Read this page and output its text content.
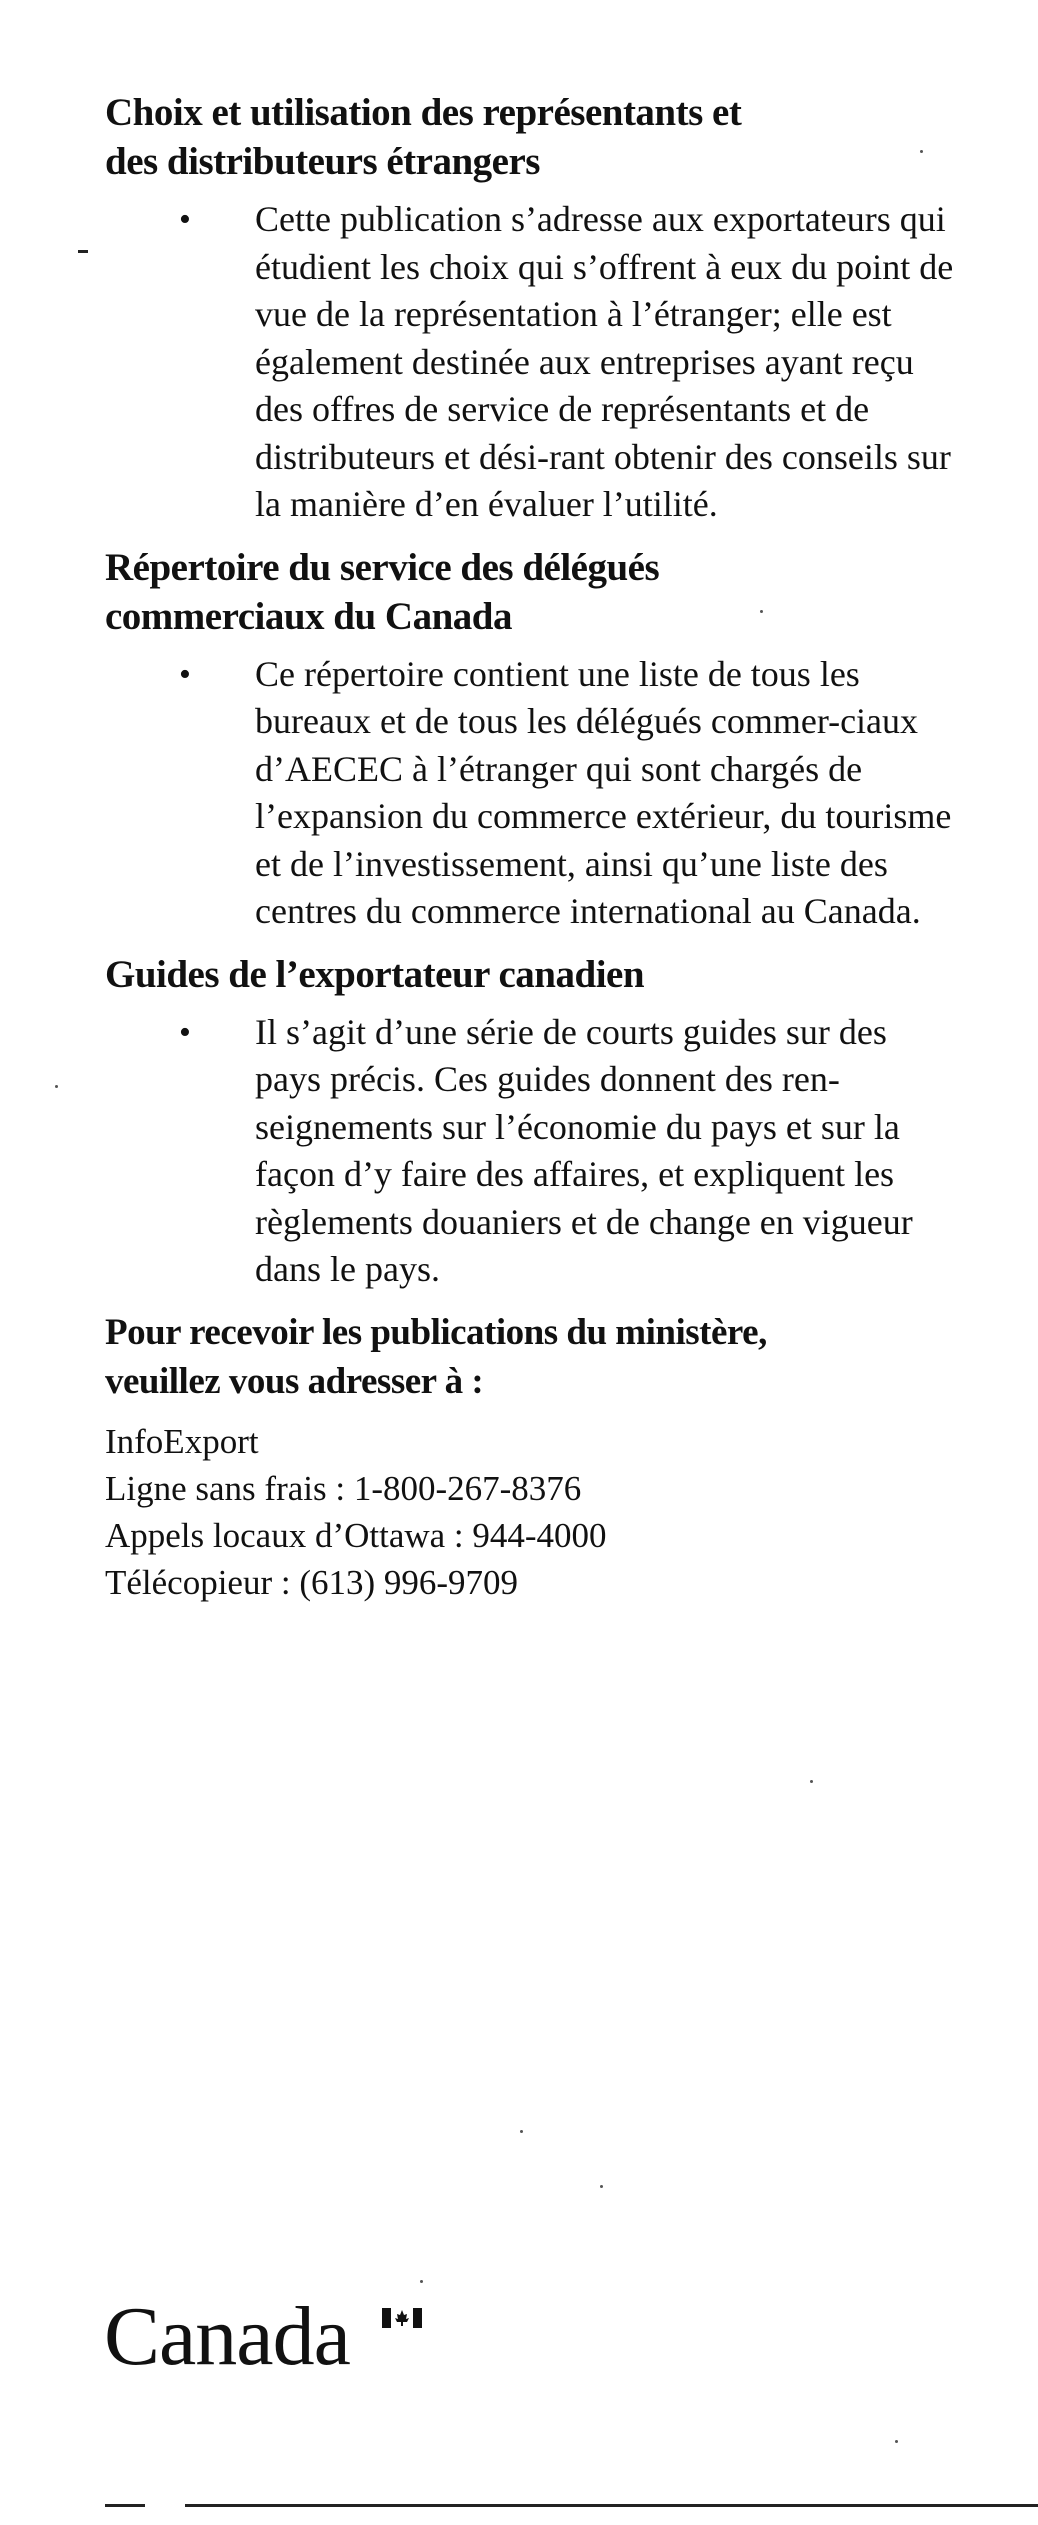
Choix et utilisation des représentants et
des distributeurs étrangers
• Cette publication s’adresse aux exportateurs qui étudient les choix qui s’offrent à eux du point de vue de la représentation à l’étranger; elle est également destinée aux entreprises ayant reçu des offres de service de représentants et de distributeurs et dési-rant obtenir des conseils sur la manière d’en évaluer l’utilité.
Répertoire du service des délégués
commerciaux du Canada
• Ce répertoire contient une liste de tous les bureaux et de tous les délégués commer-ciaux d’AECEC à l’étranger qui sont chargés de l’expansion du commerce extérieur, du tourisme et de l’investissement, ainsi qu’une liste des centres du commerce international au Canada.
Guides de l’exportateur canadien
• Il s’agit d’une série de courts guides sur des pays précis. Ces guides donnent des ren-seignements sur l’économie du pays et sur la façon d’y faire des affaires, et expliquent les règlements douaniers et de change en vigueur dans le pays.
Pour recevoir les publications du ministère,
veuillez vous adresser à :
InfoExport
Ligne sans frais : 1-800-267-8376
Appels locaux d’Ottawa : 944-4000
Télécopieur : (613) 996-9709
Canada
